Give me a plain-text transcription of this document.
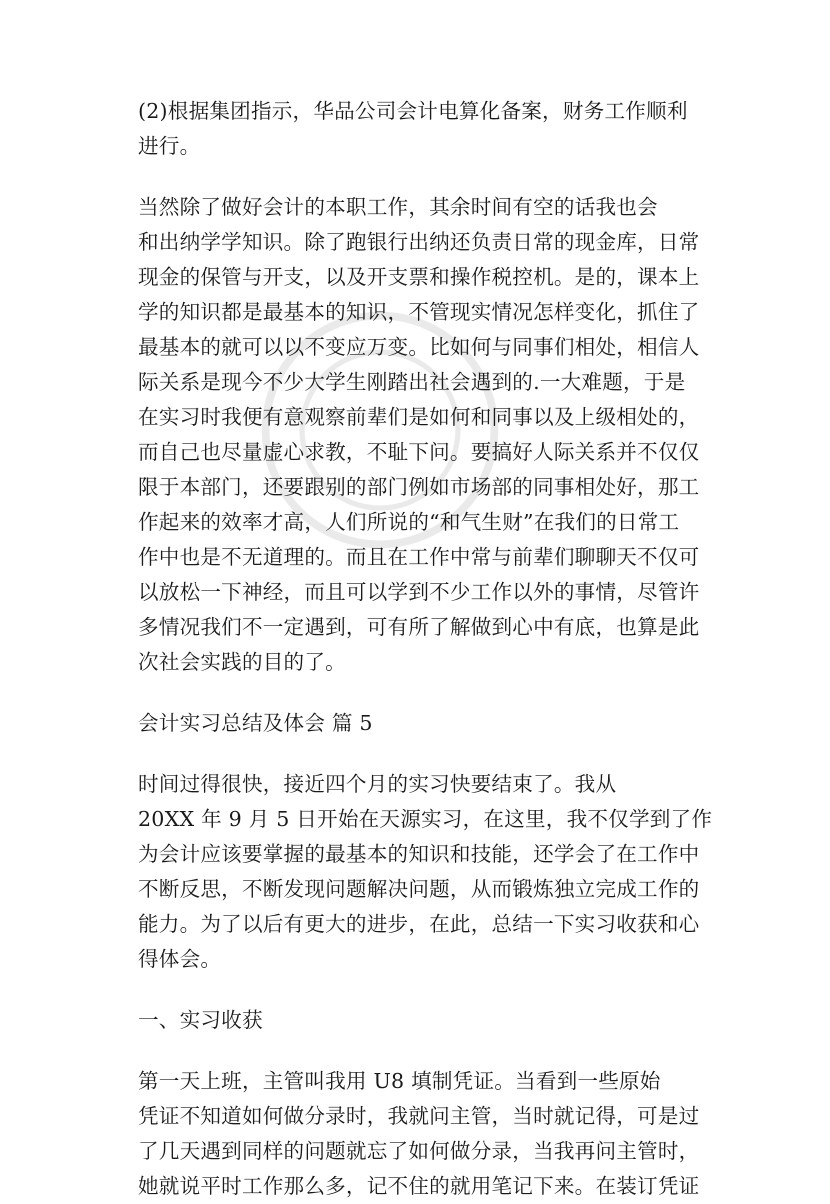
(2)根据集团指示，华品公司会计电算化备案，财务工作顺利
进行。
当然除了做好会计的本职工作，其余时间有空的话我也会
和出纳学学知识。除了跑银行出纳还负责日常的现金库，日常
现金的保管与开支，以及开支票和操作税控机。是的，课本上
学的知识都是最基本的知识，不管现实情况怎样变化，抓住了
最基本的就可以以不变应万变。比如何与同事们相处，相信人
际关系是现今不少大学生刚踏出社会遇到的.一大难题，于是
在实习时我便有意观察前辈们是如何和同事以及上级相处的，
而自己也尽量虚心求教，不耻下问。要搞好人际关系并不仅仅
限于本部门，还要跟别的部门例如市场部的同事相处好，那工
作起来的效率才高，人们所说的“和气生财”在我们的日常工
作中也是不无道理的。而且在工作中常与前辈们聊聊天不仅可
以放松一下神经，而且可以学到不少工作以外的事情，尽管许
多情况我们不一定遇到，可有所了解做到心中有底，也算是此
次社会实践的目的了。
会计实习总结及体会 篇 5
时间过得很快，接近四个月的实习快要结束了。我从
20XX 年 9 月 5 日开始在天源实习，在这里，我不仅学到了作
为会计应该要掌握的最基本的知识和技能，还学会了在工作中
不断反思，不断发现问题解决问题，从而锻炼独立完成工作的
能力。为了以后有更大的进步，在此，总结一下实习收获和心
得体会。
一、实习收获
第一天上班，主管叫我用 U8 填制凭证。当看到一些原始
凭证不知道如何做分录时，我就问主管，当时就记得，可是过
了几天遇到同样的问题就忘了如何做分录，当我再问主管时，
她就说平时工作那么多，记不住的就用笔记下来。在装订凭证
